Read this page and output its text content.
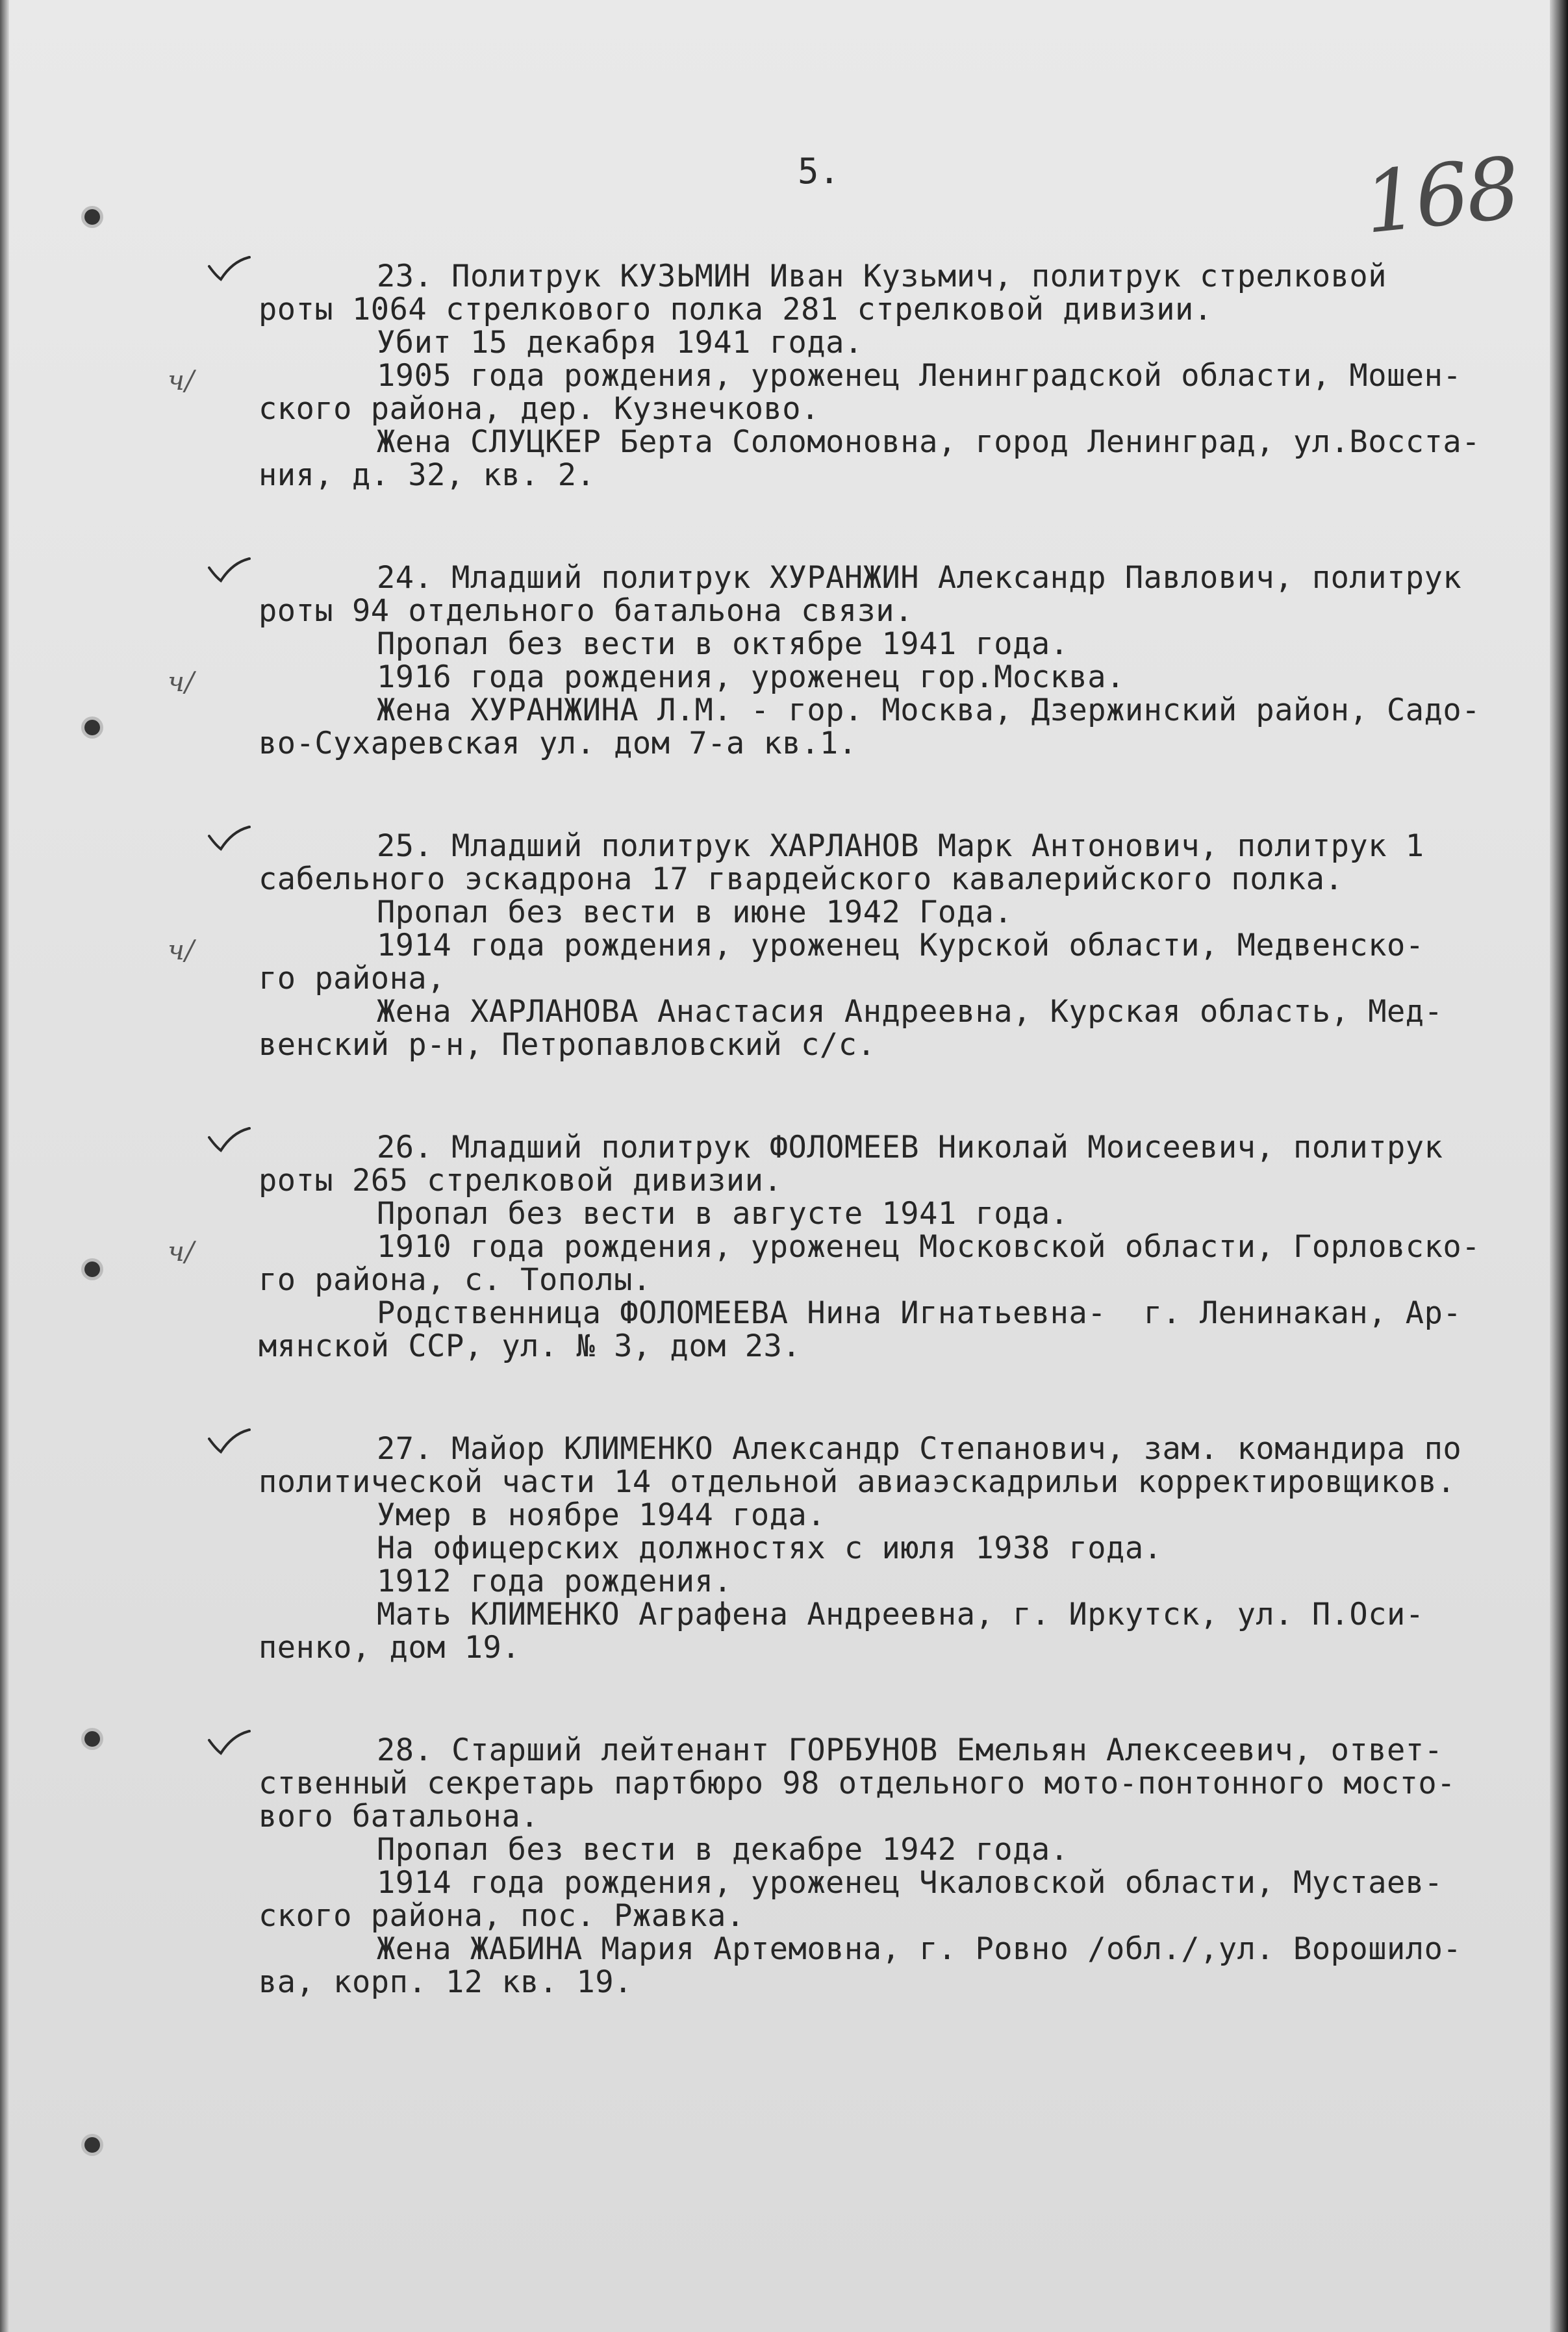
5.	168
ч/
23. Политрук КУЗЬМИН Иван Кузьмич, политрук стрелковой
роты 1064 стрелкового полка 281 стрелковой дивизии.
Убит 15 декабря 1941 года.
1905 года рождения, уроженец Ленинградской области, Мошен-
ского района, дер. Кузнечково.
Жена СЛУЦКЕР Берта Соломоновна, город Ленинград, ул.Восста-
ния, д. 32, кв. 2.
ч/
24. Младший политрук ХУРАНЖИН Александр Павлович, политрук
роты 94 отдельного батальона связи.
Пропал без вести в октябре 1941 года.
1916 года рождения, уроженец гор.Москва.
Жена ХУРАНЖИНА Л.М. - гор. Москва, Дзержинский район, Садо-
во-Сухаревская ул. дом 7-а кв.1.
ч/
25. Младший политрук ХАРЛАНОВ Марк Антонович, политрук 1
сабельного эскадрона 17 гвардейского кавалерийского полка.
Пропал без вести в июне 1942 Года.
1914 года рождения, уроженец Курской области, Медвенско-
го района,
Жена ХАРЛАНОВА Анастасия Андреевна, Курская область, Мед-
венский р-н, Петропавловский с/с.
ч/
26. Младший политрук ФОЛОМЕЕВ Николай Моисеевич, политрук
роты 265 стрелковой дивизии.
Пропал без вести в августе 1941 года.
1910 года рождения, уроженец Московской области, Горловско-
го района, с. Тополы.
Родственница ФОЛОМЕЕВА Нина Игнатьевна-  г. Ленинакан, Ар-
мянской ССР, ул. № 3, дом 23.
27. Майор КЛИМЕНКО Александр Степанович, зам. командира по
политической части 14 отдельной авиаэскадрильи корректировщиков.
Умер в ноябре 1944 года.
На офицерских должностях с июля 1938 года.
1912 года рождения.
Мать КЛИМЕНКО Аграфена Андреевна, г. Иркутск, ул. П.Оси-
пенко, дом 19.
28. Старший лейтенант ГОРБУНОВ Емельян Алексеевич, ответ-
ственный секретарь партбюро 98 отдельного мото-понтонного мосто-
вого батальона.
Пропал без вести в декабре 1942 года.
1914 года рождения, уроженец Чкаловской области, Мустаев-
ского района, пос. Ржавка.
Жена ЖАБИНА Мария Артемовна, г. Ровно /обл./,ул. Ворошило-
ва, корп. 12 кв. 19.
